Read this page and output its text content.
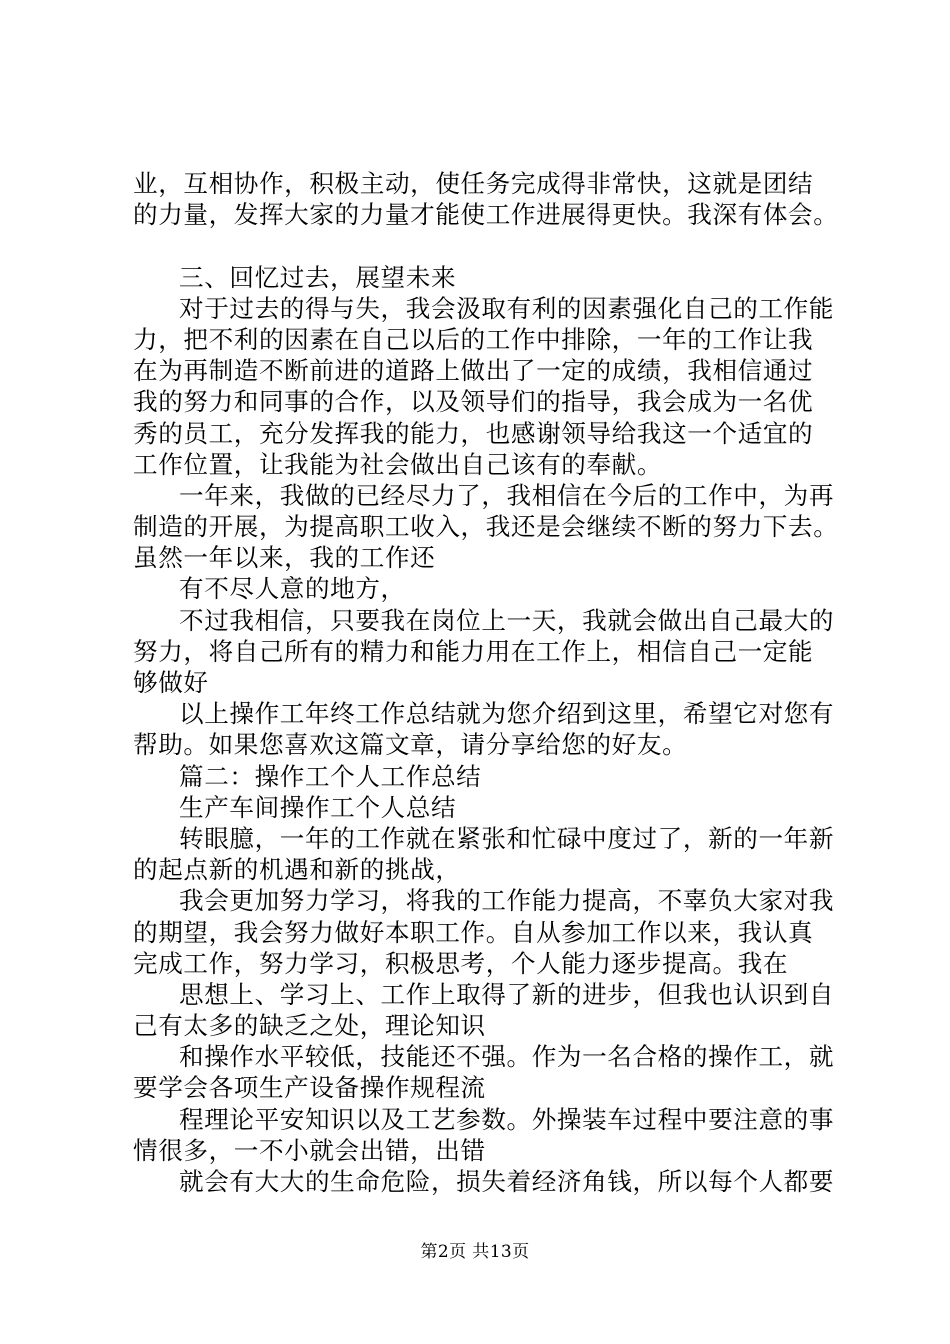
业，互相协作，积极主动，使任务完成得非常快，这就是团结
的力量，发挥大家的力量才能使工作进展得更快。我深有体会。
三、回忆过去，展望未来
对于过去的得与失，我会汲取有利的因素强化自己的工作能
力，把不利的因素在自己以后的工作中排除，一年的工作让我
在为再制造不断前进的道路上做出了一定的成绩，我相信通过
我的努力和同事的合作，以及领导们的指导，我会成为一名优
秀的员工，充分发挥我的能力，也感谢领导给我这一个适宜的
工作位置，让我能为社会做出自己该有的奉献。
一年来，我做的已经尽力了，我相信在今后的工作中，为再
制造的开展，为提高职工收入，我还是会继续不断的努力下去。
虽然一年以来，我的工作还
有不尽人意的地方，
不过我相信，只要我在岗位上一天，我就会做出自己最大的
努力，将自己所有的精力和能力用在工作上，相信自己一定能
够做好
以上操作工年终工作总结就为您介绍到这里，希望它对您有
帮助。如果您喜欢这篇文章，请分享给您的好友。
篇二：操作工个人工作总结
生产车间操作工个人总结
转眼臆，一年的工作就在紧张和忙碌中度过了，新的一年新
的起点新的机遇和新的挑战，
我会更加努力学习，将我的工作能力提高，不辜负大家对我
的期望，我会努力做好本职工作。自从参加工作以来，我认真
完成工作，努力学习，积极思考，个人能力逐步提高。我在
思想上、学习上、工作上取得了新的进步，但我也认识到自
己有太多的缺乏之处，理论知识
和操作水平较低，技能还不强。作为一名合格的操作工，就
要学会各项生产设备操作规程流
程理论平安知识以及工艺参数。外操装车过程中要注意的事
情很多，一不小就会出错，出错
就会有大大的生命危险，损失着经济角钱，所以每个人都要
第2页 共13页
